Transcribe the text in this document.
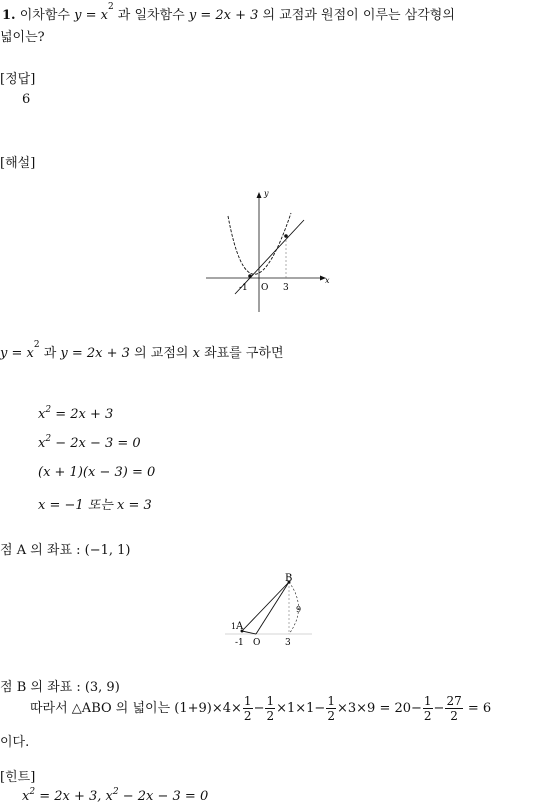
1. 이차함수 $y = x^2$ 과 일차함수 y = 2x + 3 의 교점과 원점이 이루는 삼각형의
넓이는?
[정답]
6
[해설]
y
x
-1 O 3
$y = x^2$ 과 y = 2x + 3 의 교점의 x 좌표를 구하면
$x^2 = 2x + 3$
$x^2 - 2x - 3 = 0$
(x + 1)(x − 3) = 0
x = −1 또는 x = 3
점 A 의 좌표 : (−1, 1)
B
A
1
9
-1 O	3
점 B 의 좌표 : (3, 9)
따라서 △ABO 의 넓이는 $(1+9)\times 4\times \frac{1}{2} - \frac{1}{2} \times 1\times 1- \frac{1}{2} \times 3\times 9 = 20- \frac{1}{2} - \frac{27}{2} = 6$
이다.
[힌트]
$x^2 = 2x + 3$, $x^2 - 2x - 3 = 0$
